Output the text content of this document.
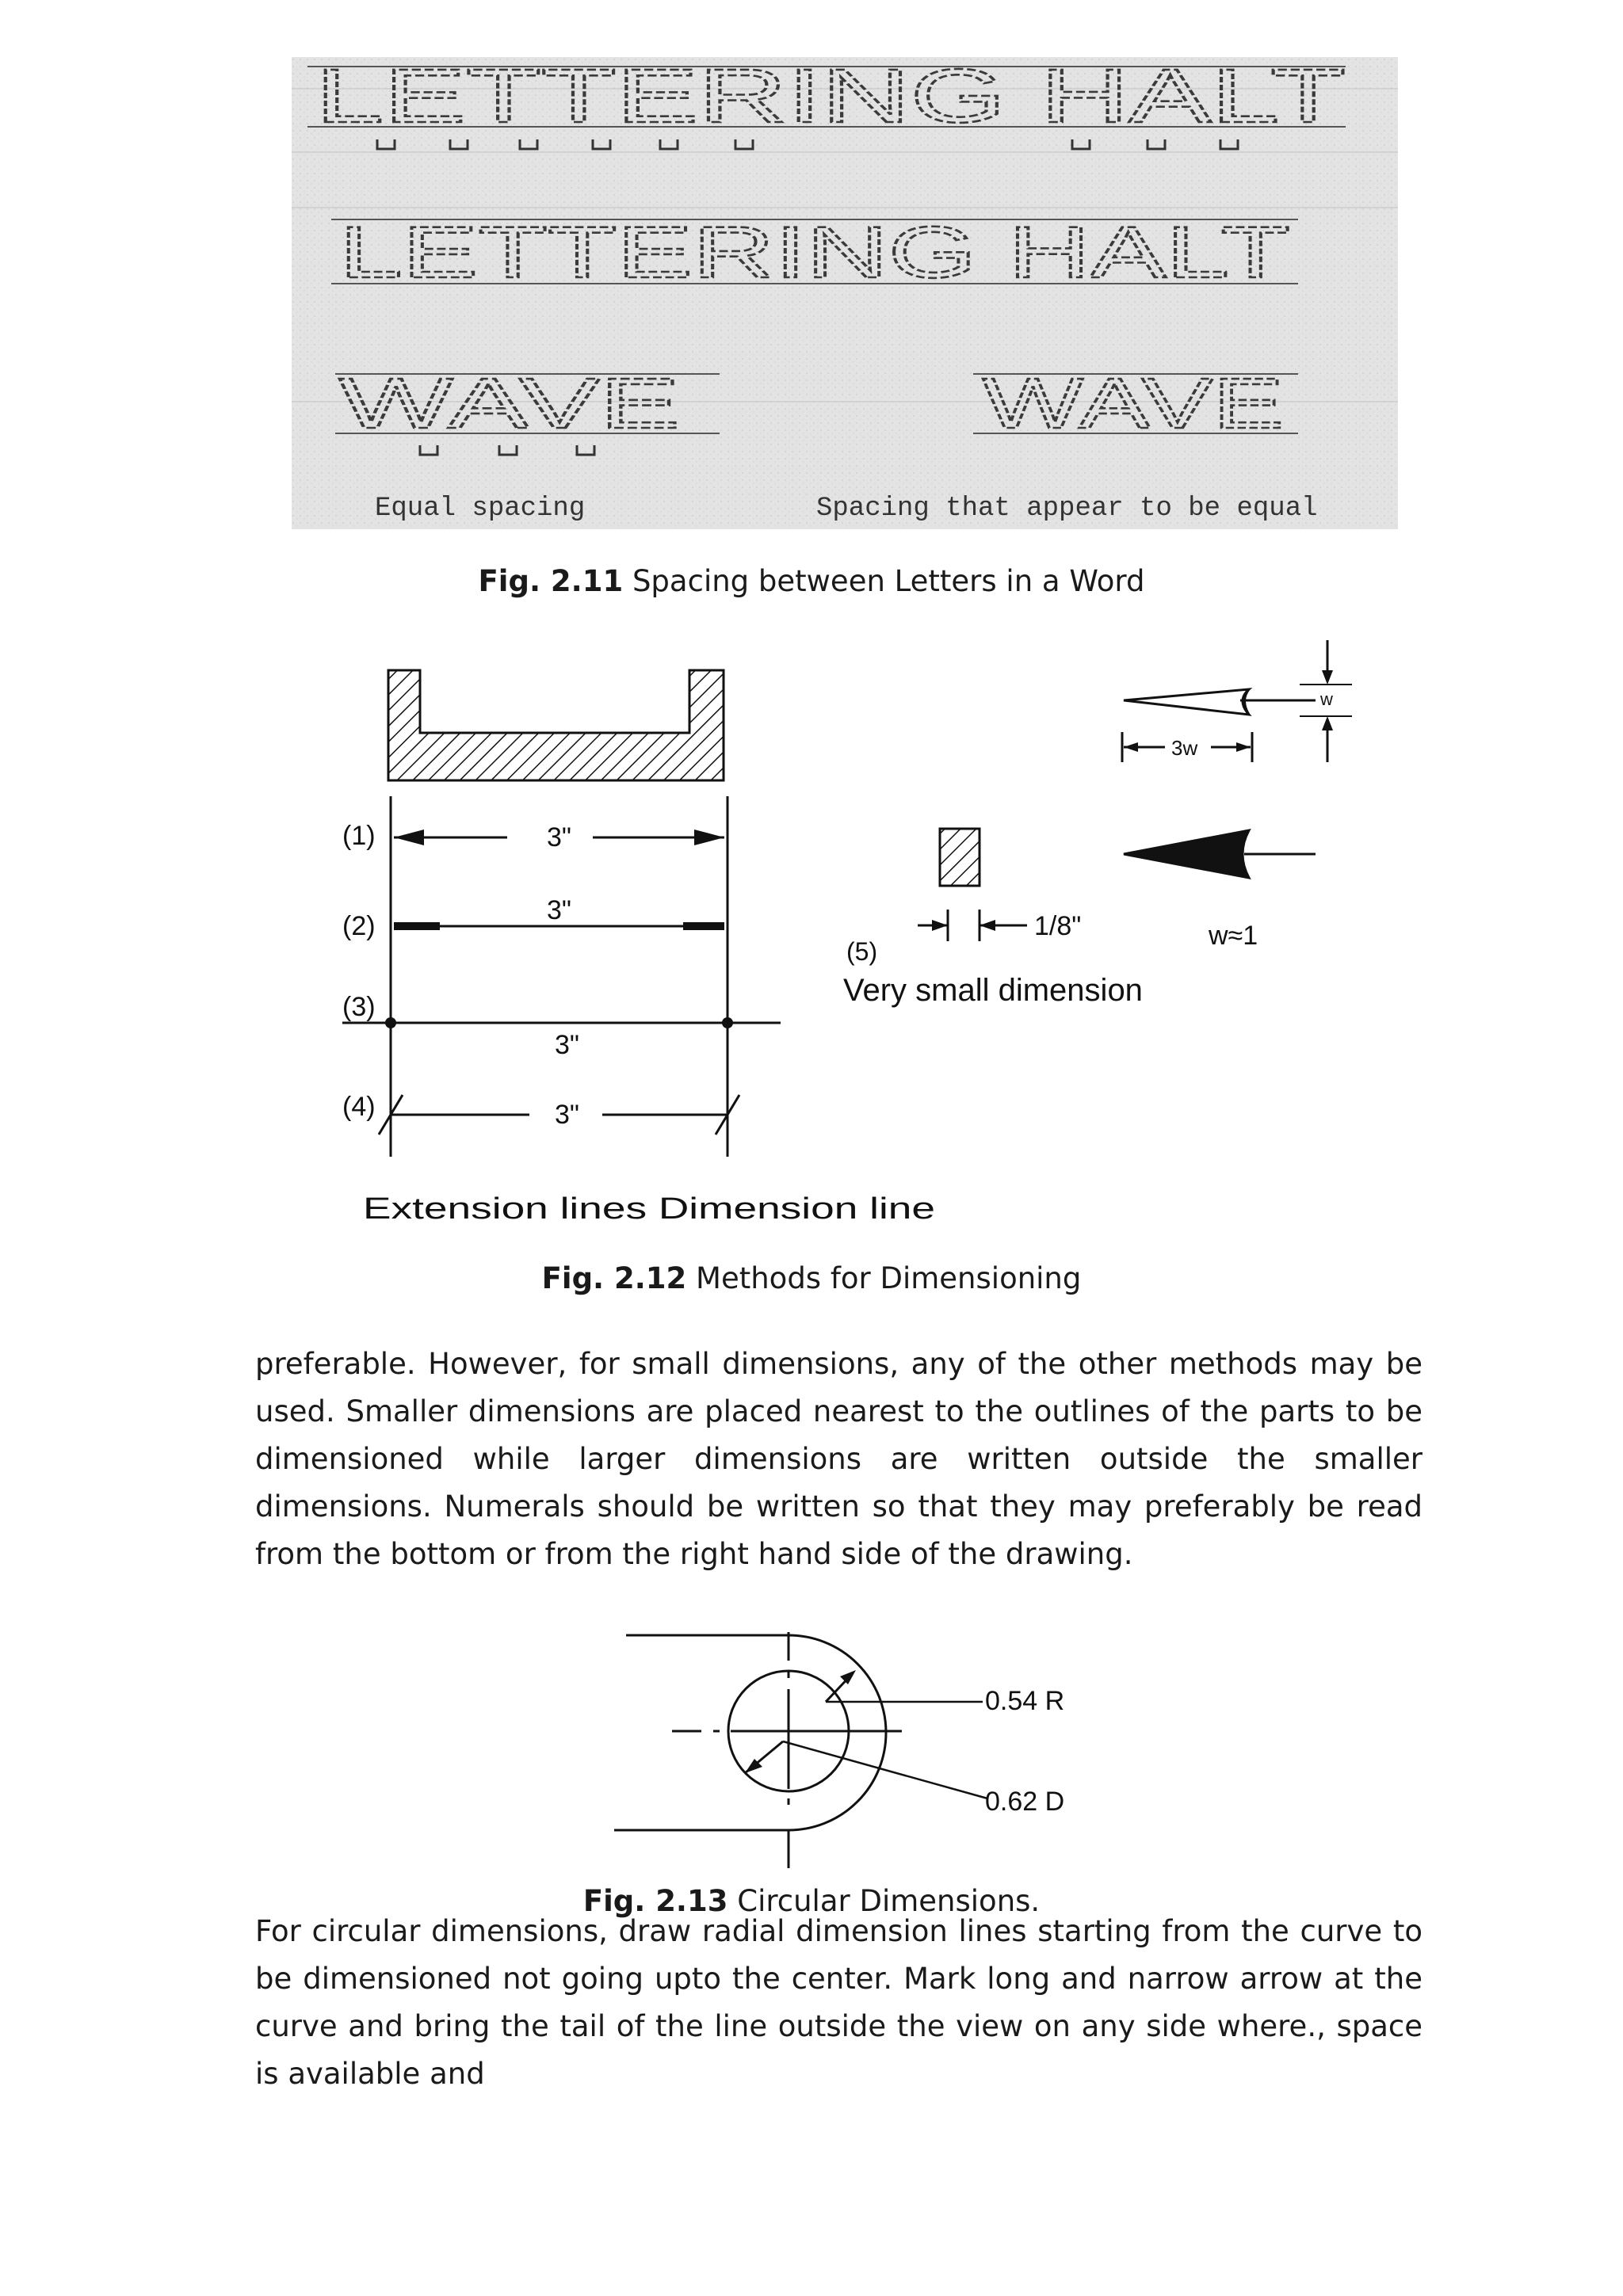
LETTERING HALT
LETTERING HALT
WAVE	WAVE
Equal spacing	Spacing that appear to be equal
Fig. 2.11 Spacing between Letters in a Word
(1)
(2)
(3)
(4)
3"
3"
3"
3"
Extension lines Dimension line
1/8"
(5)
Very small dimension
w
3w
w≈1
Fig. 2.12 Methods for Dimensioning

preferable. However, for small dimensions, any of the other methods may be used. Smaller dimensions are placed nearest to the outlines of the parts to be dimensioned while larger dimensions are written outside the smaller dimensions. Numerals should be written so that they may preferably be read from the bottom or from the right hand side of the drawing.

0.54 R
0.62 D
Fig. 2.13 Circular Dimensions.

For circular dimensions, draw radial dimension lines starting from the curve to be dimensioned not going upto the center. Mark long and narrow arrow at the curve and bring the tail of the line outside the view on any side where., space is available and
